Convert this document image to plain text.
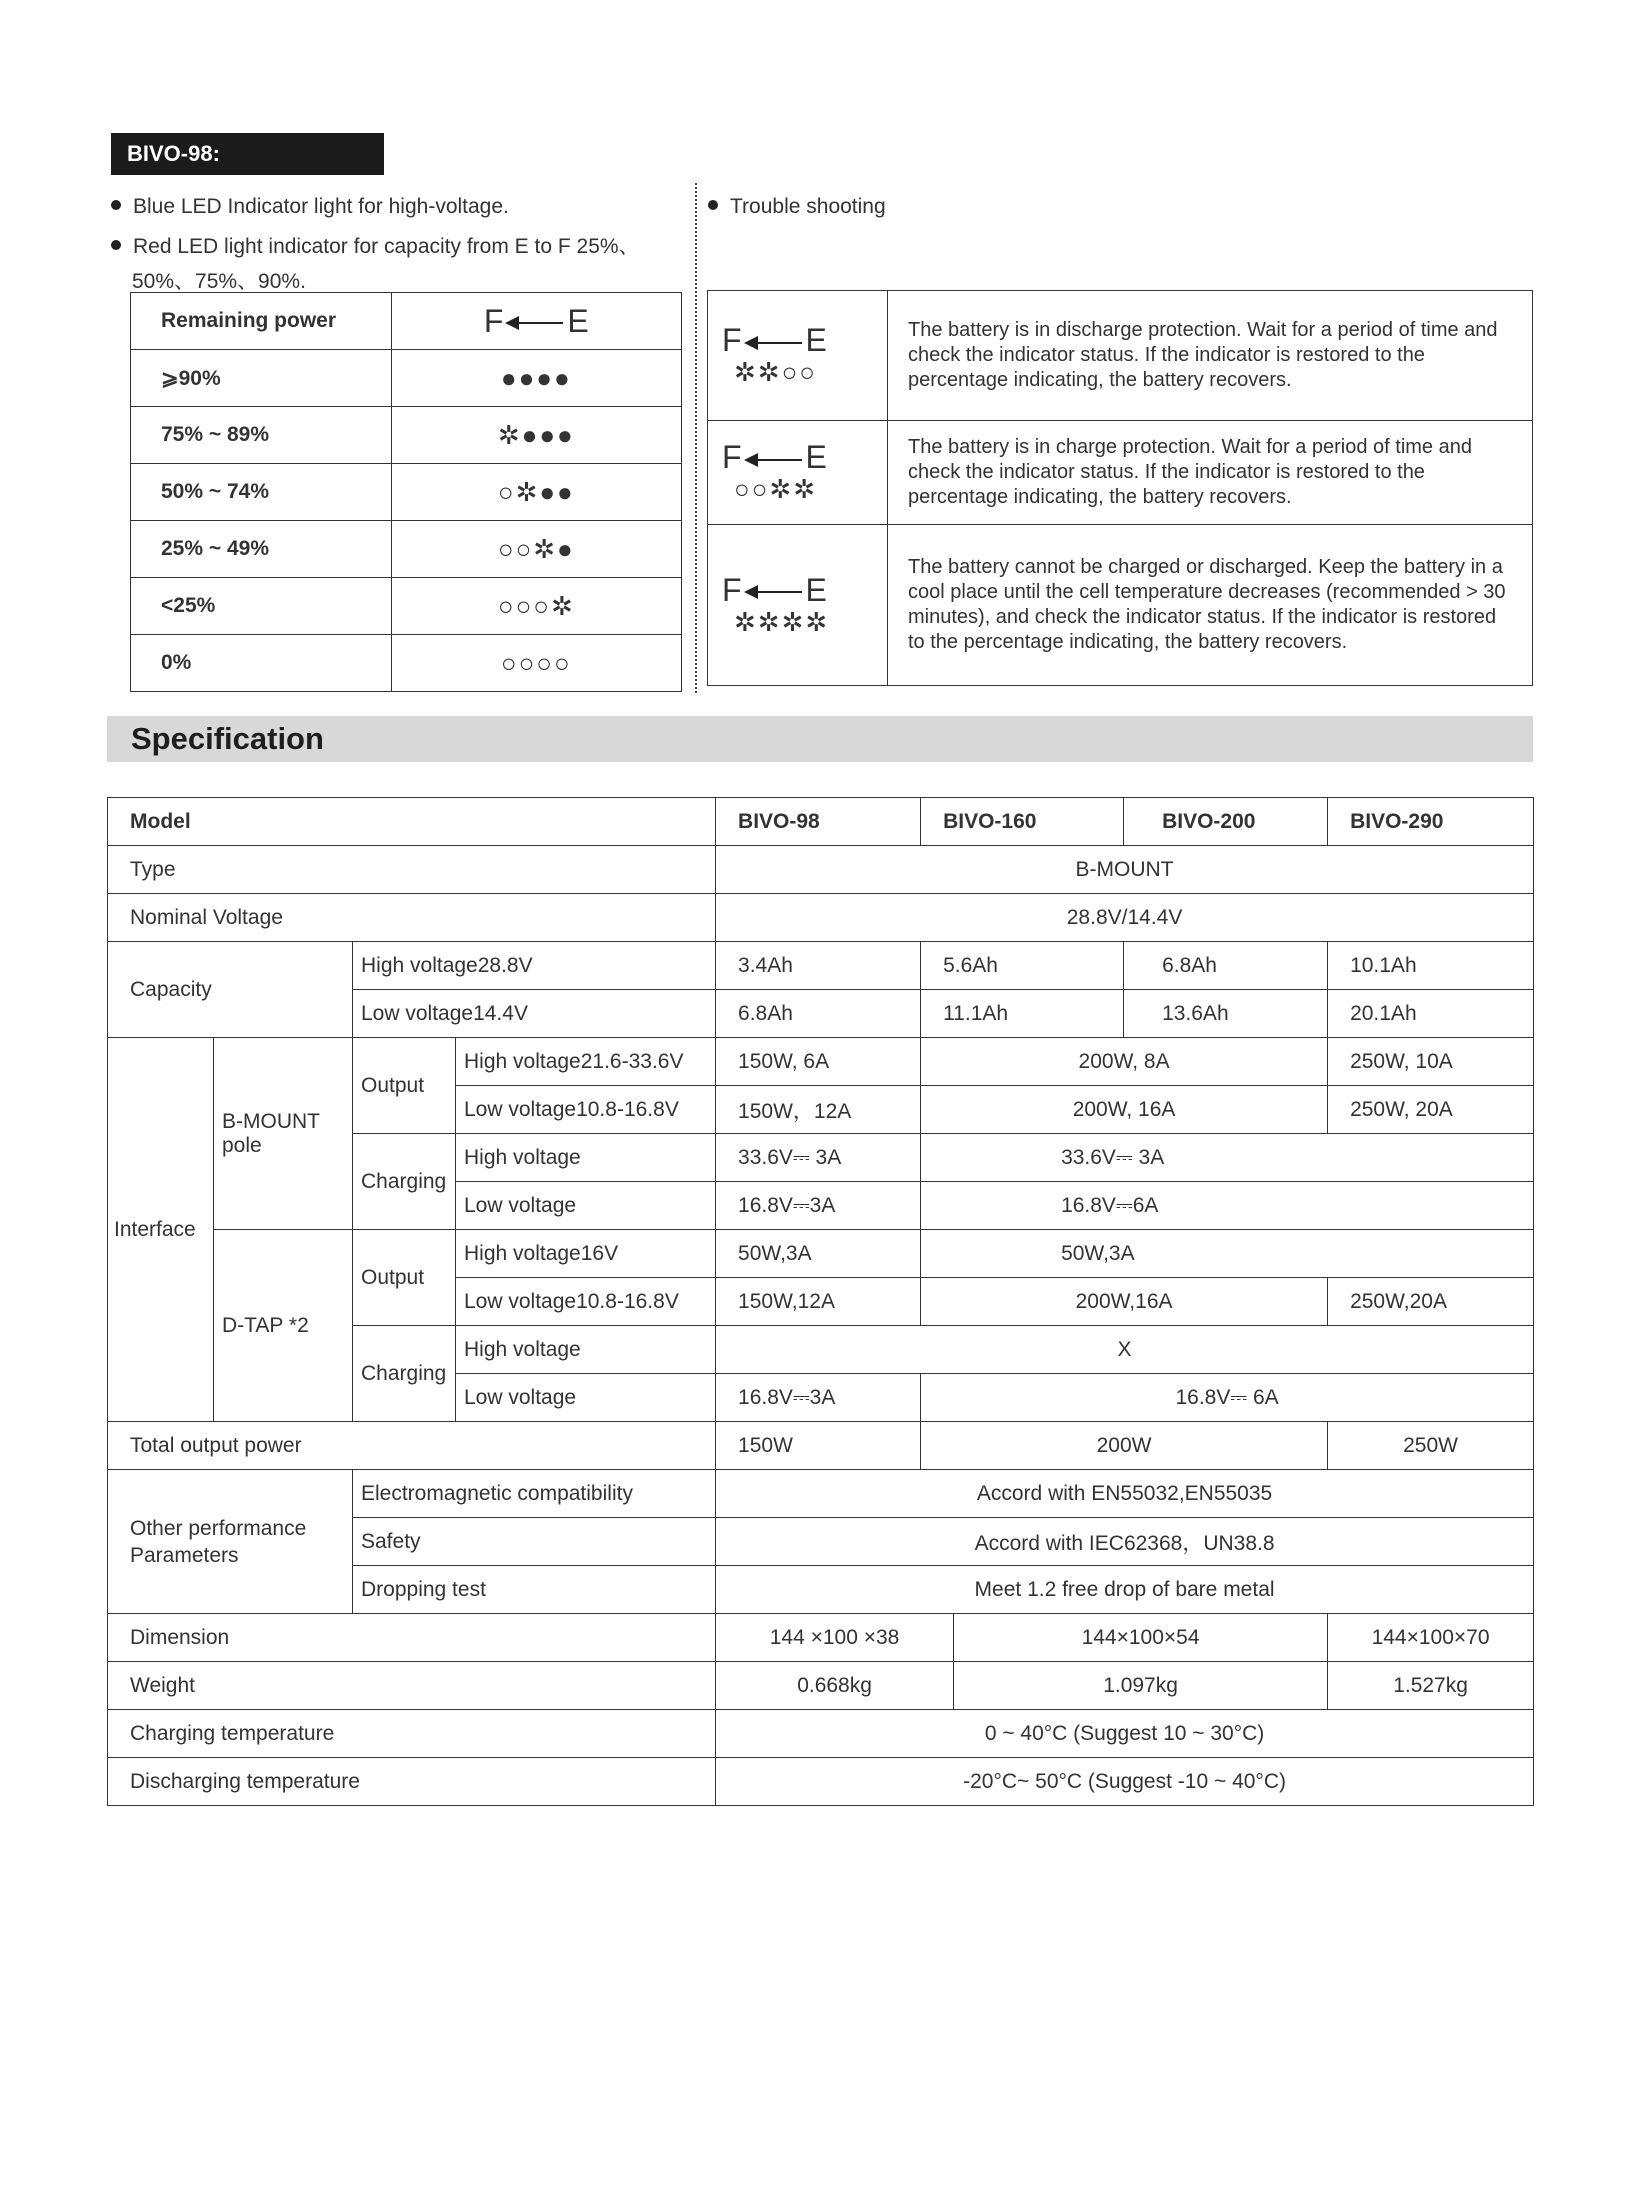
BIVO-98:
Blue LED Indicator light for high-voltage.
Red LED light indicator for capacity from E to F 25%、
50%、75%、90%.
Trouble shooting
Remaining power	F E
⩾90%	●●●●
75% ~ 89%	✲●●●
50% ~ 74%	○✲●●
25% ~ 49%	○○✲●
<25%	○○○✲
0%	○○○○
F E
✲✲○○	The battery is in discharge protection. Wait for a period of time and check the indicator status. If the indicator is restored to the percentage indicating, the battery recovers.

F E
○○✲✲	The battery is in charge protection. Wait for a period of time and check the indicator status. If the indicator is restored to the percentage indicating, the battery recovers.

F E
✲✲✲✲	The battery cannot be charged or discharged. Keep the battery in a cool place until the cell temperature decreases (recommended > 30 minutes), and check the indicator status. If the indicator is restored to the percentage indicating, the battery recovers.
Specification
Model				BIVO-98	BIVO-160		BIVO-200	BIVO-290
Type				B-MOUNT				
Nominal Voltage				28.8V/14.4V				
Capacity		High voltage28.8V		3.4Ah	5.6Ah		6.8Ah	10.1Ah
		Low voltage14.4V		6.8Ah	11.1Ah		13.6Ah	20.1Ah
Interface	B-MOUNT pole	Output	High voltage21.6-33.6V	150W, 6A	200W, 8A			250W, 10A
			Low voltage10.8-16.8V	150W，12A	200W, 16A			250W, 20A
		Charging	High voltage	33.6V⎓ 3A	33.6V⎓ 3A			
			Low voltage	16.8V⎓3A	16.8V⎓6A			
	D-TAP *2	Output	High voltage16V	50W,3A	50W,3A			
			Low voltage10.8-16.8V	150W,12A	200W,16A			250W,20A
		Charging	High voltage	X				
			Low voltage	16.8V⎓3A	16.8V⎓ 6A			
Total output power				150W	200W			250W
Other performance Parameters		Electromagnetic compatibility		Accord with EN55032,EN55035				
		Safety		Accord with IEC62368，UN38.8				
		Dropping test		Meet 1.2 free drop of bare metal				
Dimension				144 ×100 ×38		144×100×54		144×100×70
Weight				0.668kg		1.097kg		1.527kg
Charging temperature				0 ~ 40°C (Suggest 10 ~ 30°C)				
Discharging temperature				-20°C~ 50°C (Suggest -10 ~ 40°C)				
